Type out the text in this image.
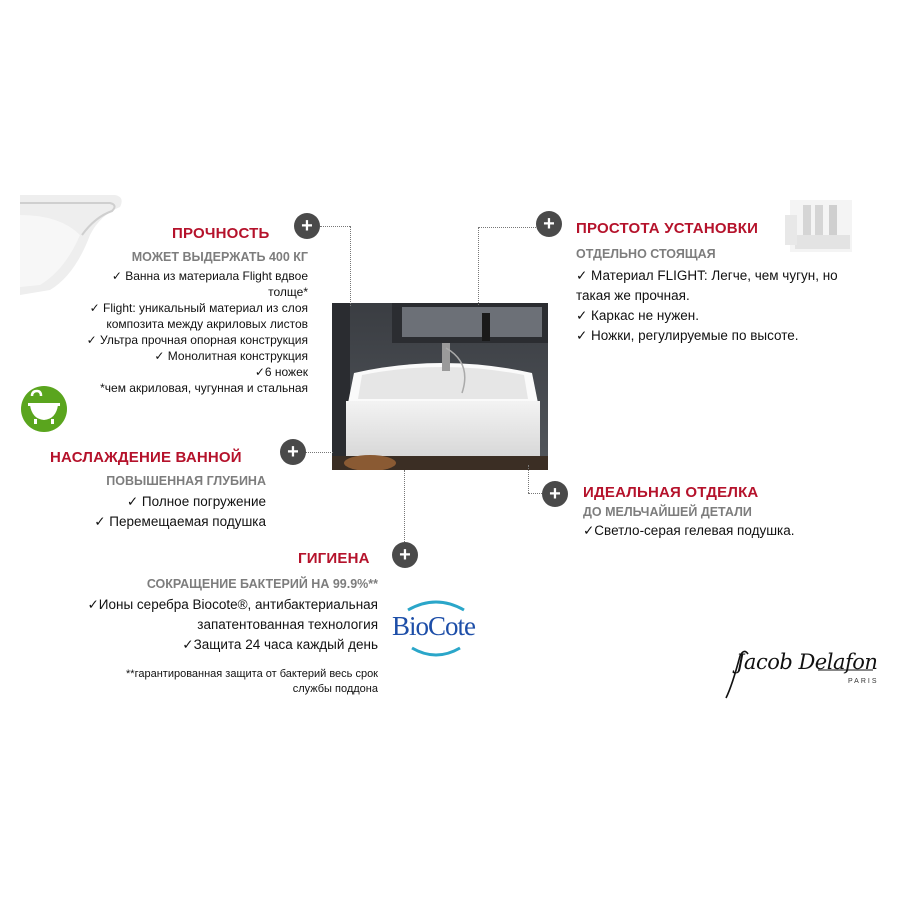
ПРОЧНОСТЬ	+
МОЖЕТ ВЫДЕРЖАТЬ 400 КГ
✓ Ванна из материала Flight вдвое
толще*
✓ Flight: уникальный материал из слоя
композита между акриловых листов
✓ Ультра прочная опорная конструкция
✓ Монолитная конструкция
✓6 ножек
*чем акриловая, чугунная и стальная
НАСЛАЖДЕНИЕ ВАННОЙ	+
ПОВЫШЕННАЯ ГЛУБИНА
✓ Полное погружение
✓ Перемещаемая подушка
ГИГИЕНА	+
СОКРАЩЕНИЕ БАКТЕРИЙ НА 99.9%**
✓Ионы серебра Biocote®, антибактериальная
запатентованная технология
✓Защита 24 часа каждый день
**гарантированная защита от бактерий весь срок
службы поддона
BioCote
+	ПРОСТОТА УСТАНОВКИ
ОТДЕЛЬНО СТОЯЩАЯ
✓ Материал FLIGHT: Легче, чем чугун, но
такая же прочная.
✓ Каркас не нужен.
✓ Ножки, регулируемые по высоте.
+	ИДЕАЛЬНАЯ ОТДЕЛКА
ДО МЕЛЬЧАЙШЕЙ ДЕТАЛИ
✓Светло-серая гелевая подушка.
Jacob Delafon
PARIS
